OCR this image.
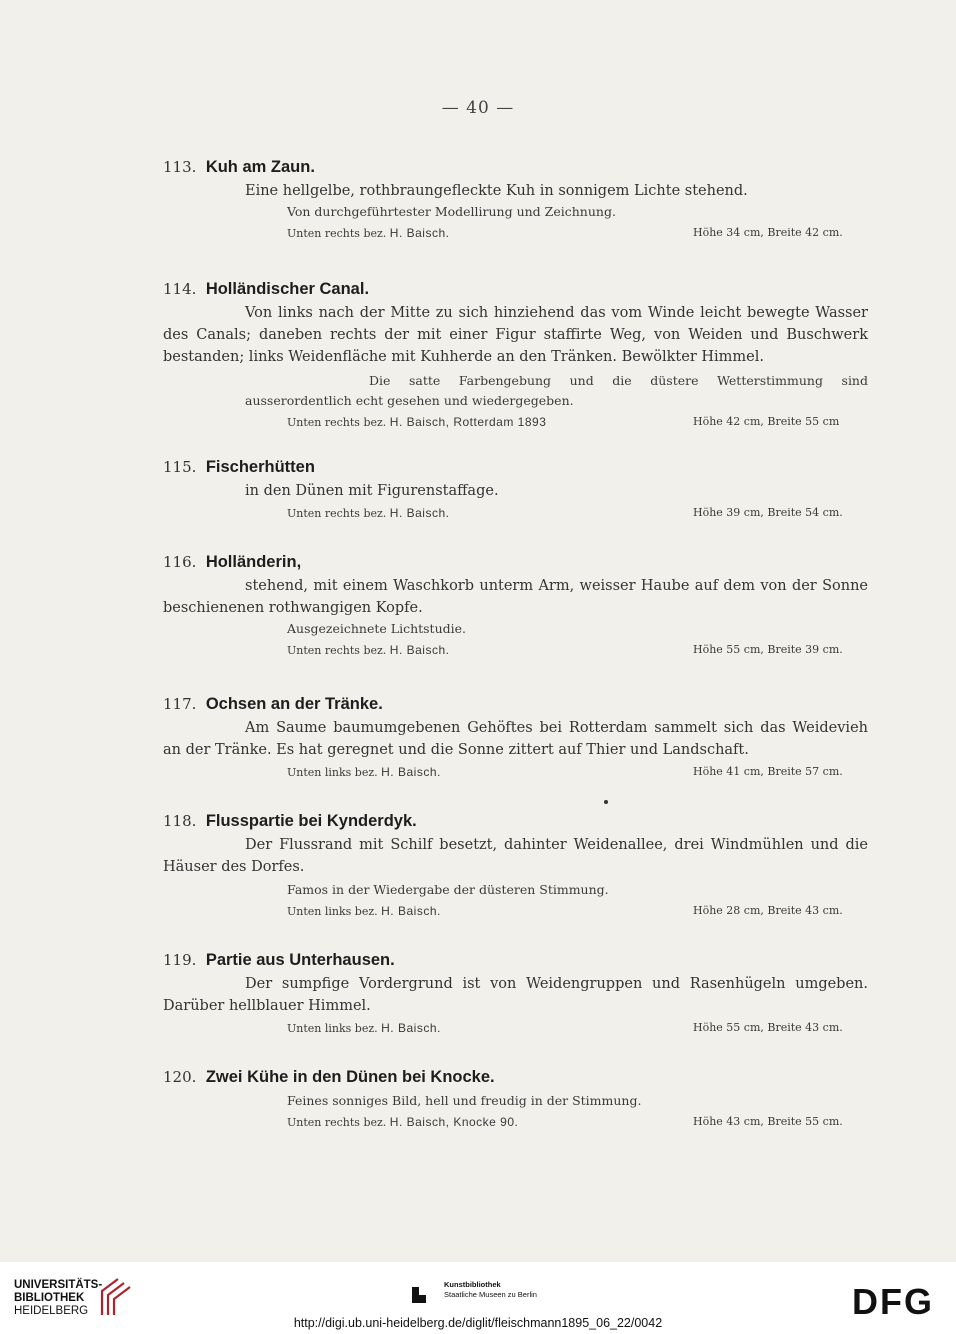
— 40 —
113. Kuh am Zaun.
Eine hellgelbe, rothbraungefleckte Kuh in sonnigem Lichte stehend.
Von durchgeführtester Modellirung und Zeichnung.
Unten rechts bez. H. Baisch.	Höhe 34 cm, Breite 42 cm.
114. Holländischer Canal.
Von links nach der Mitte zu sich hinziehend das vom Winde leicht bewegte Wasser des Canals; daneben rechts der mit einer Figur staffirte Weg, von Weiden und Buschwerk bestanden; links Weidenfläche mit Kuhherde an den Tränken. Bewölkter Himmel.
Die satte Farbengebung und die düstere Wetterstimmung sind ausserordentlich echt gesehen und wiedergegeben.
Unten rechts bez. H. Baisch, Rotterdam 1893	Höhe 42 cm, Breite 55 cm
115. Fischerhütten
in den Dünen mit Figurenstaffage.
Unten rechts bez. H. Baisch.	Höhe 39 cm, Breite 54 cm.
116. Holländerin,
stehend, mit einem Waschkorb unterm Arm, weisser Haube auf dem von der Sonne beschienenen rothwangigen Kopfe.
Ausgezeichnete Lichtstudie.
Unten rechts bez. H. Baisch.	Höhe 55 cm, Breite 39 cm.
117. Ochsen an der Tränke.
Am Saume baumumgebenen Gehöftes bei Rotterdam sammelt sich das Weidevieh an der Tränke. Es hat geregnet und die Sonne zittert auf Thier und Landschaft.
Unten links bez. H. Baisch.	Höhe 41 cm, Breite 57 cm.
118. Flusspartie bei Kynderdyk.
Der Flussrand mit Schilf besetzt, dahinter Weidenallee, drei Windmühlen und die Häuser des Dorfes.
Famos in der Wiedergabe der düsteren Stimmung.
Unten links bez. H. Baisch.	Höhe 28 cm, Breite 43 cm.
119. Partie aus Unterhausen.
Der sumpfige Vordergrund ist von Weidengruppen und Rasenhügeln umgeben. Darüber hellblauer Himmel.
Unten links bez. H. Baisch.	Höhe 55 cm, Breite 43 cm.
120. Zwei Kühe in den Dünen bei Knocke.
Feines sonniges Bild, hell und freudig in der Stimmung.
Unten rechts bez. H. Baisch, Knocke 90.	Höhe 43 cm, Breite 55 cm.
UNIVERSITÄTS-
BIBLIOTHEK
HEIDELBERG
Kunstbibliothek
Staatliche Museen zu Berlin	DFG
http://digi.ub.uni-heidelberg.de/diglit/fleischmann1895_06_22/0042
